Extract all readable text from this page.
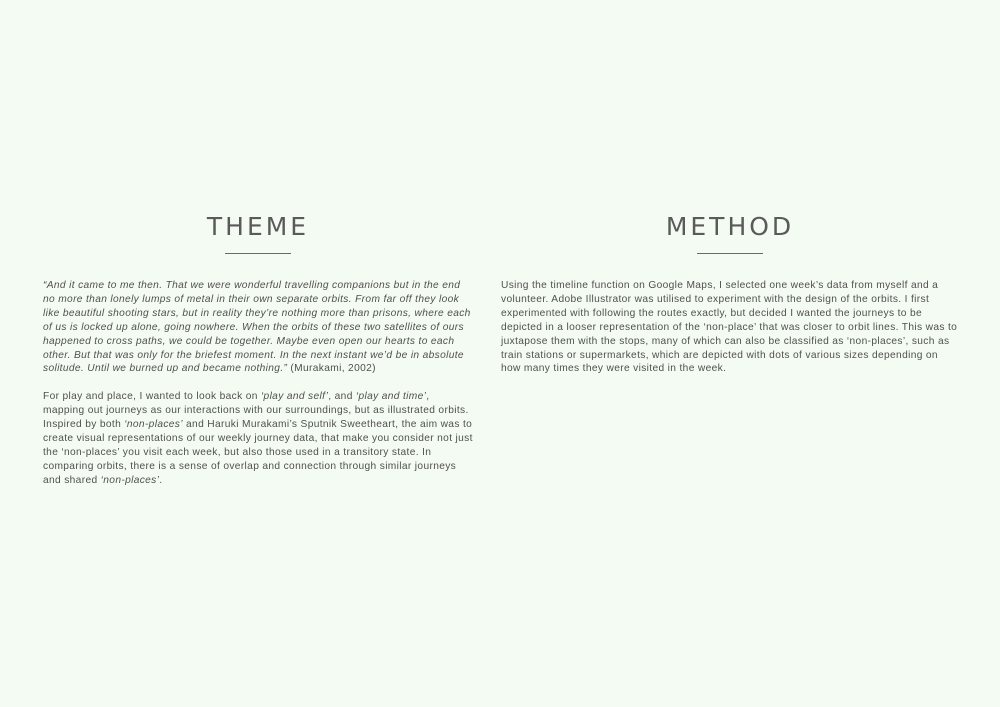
THEME

“And it came to me then. That we were wonderful travelling companions but in the end no more than lonely lumps of metal in their own separate orbits. From far off they look like beautiful shooting stars, but in reality they’re nothing more than prisons, where each of us is locked up alone, going nowhere. When the orbits of these two satellites of ours happened to cross paths, we could be together. Maybe even open our hearts to each other. But that was only for the briefest moment. In the next instant we’d be in absolute solitude. Until we burned up and became nothing.” (Murakami, 2002)

For play and place, I wanted to look back on ‘play and self’, and ‘play and time’, mapping out journeys as our interactions with our surroundings, but as illustrated orbits.

Inspired by both ‘non-places’ and Haruki Murakami’s Sputnik Sweetheart, the aim was to create visual representations of our weekly journey data, that make you consider not just the ‘non-places’ you visit each week, but also those used in a transitory state. In comparing orbits, there is a sense of overlap and connection through similar journeys and shared ‘non-places’.

METHOD

Using the timeline function on Google Maps, I selected one week’s data from myself and a volunteer. Adobe Illustrator was utilised to experiment with the design of the orbits. I first experimented with following the routes exactly, but decided I wanted the journeys to be depicted in a looser representation of the ‘non-place’ that was closer to orbit lines. This was to juxtapose them with the stops, many of which can also be classified as ‘non-places’, such as train stations or supermarkets, which are depicted with dots of various sizes depending on how many times they were visited in the week.
